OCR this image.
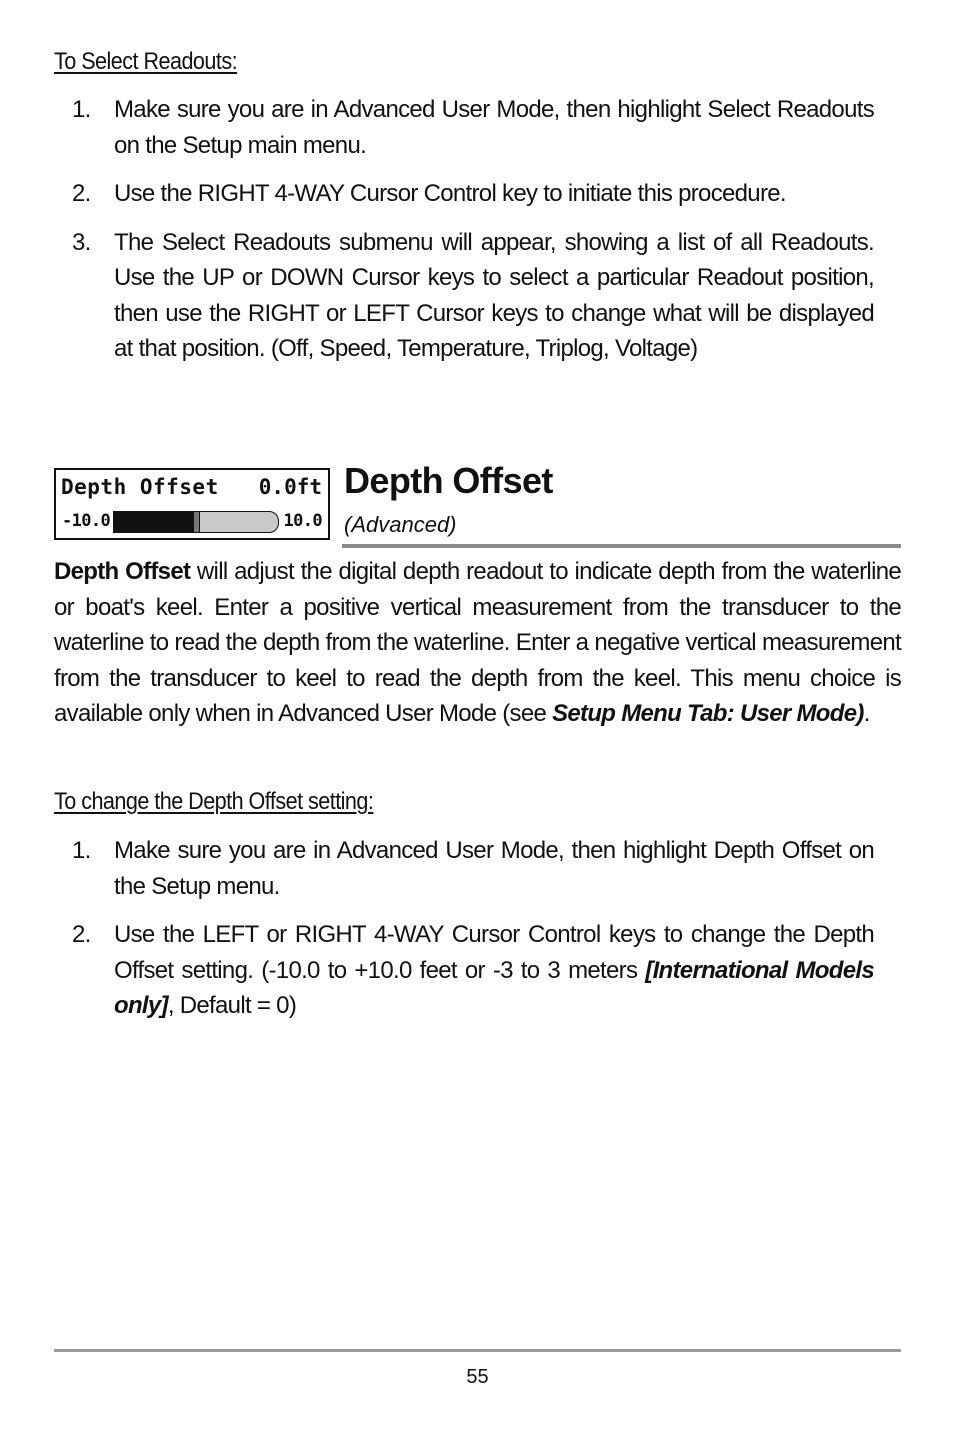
To Select Readouts:
1. Make sure you are in Advanced User Mode, then highlight Select Readouts on the Setup main menu.
2. Use the RIGHT 4-WAY Cursor Control key to initiate this procedure.
3. The Select Readouts submenu will appear, showing a list of all Readouts. Use the UP or DOWN Cursor keys to select a particular Readout position, then use the RIGHT or LEFT Cursor keys to change what will be displayed at that position. (Off, Speed, Temperature, Triplog, Voltage)
Depth Offset 0.0ft
-10.0	10.0
Depth Offset
(Advanced)

Depth Offset will adjust the digital depth readout to indicate depth from the waterline or boat's keel. Enter a positive vertical measurement from the transducer to the waterline to read the depth from the waterline. Enter a negative vertical measurement from the transducer to keel to read the depth from the keel. This menu choice is available only when in Advanced User Mode (see Setup Menu Tab: User Mode).

To change the Depth Offset setting:
1. Make sure you are in Advanced User Mode, then highlight Depth Offset on the Setup menu.
2. Use the LEFT or RIGHT 4-WAY Cursor Control keys to change the Depth Offset setting. (-10.0 to +10.0 feet or -3 to 3 meters [International Models only], Default = 0)
55
